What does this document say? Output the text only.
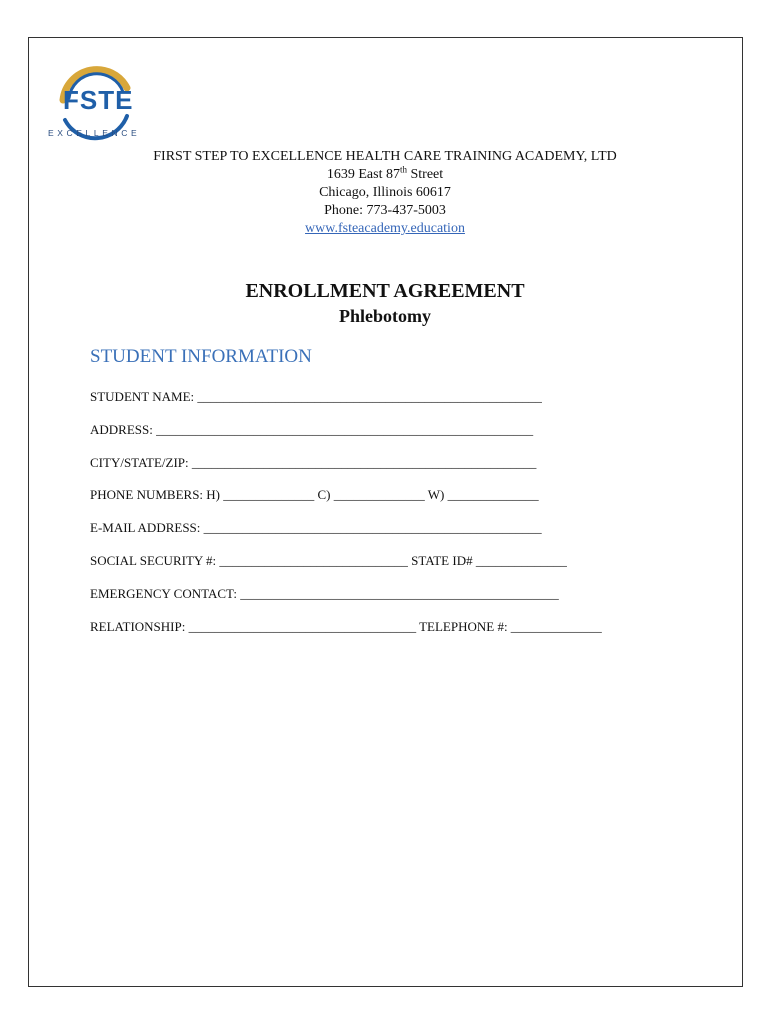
FSTE
EXCELLENCE
FIRST STEP TO EXCELLENCE HEALTH CARE TRAINING ACADEMY, LTD
1639 East 87th Street
Chicago, Illinois 60617
Phone: 773-437-5003
www.fsteacademy.education
ENROLLMENT AGREEMENT
Phlebotomy
STUDENT INFORMATION
STUDENT NAME: _____________________________________________________
ADDRESS: __________________________________________________________
CITY/STATE/ZIP: _____________________________________________________
PHONE NUMBERS: H) ______________ C) ______________ W) ______________
E-MAIL ADDRESS: ____________________________________________________
SOCIAL SECURITY #: _____________________________ STATE ID# ______________
EMERGENCY CONTACT: _________________________________________________
RELATIONSHIP: ___________________________________ TELEPHONE #: ______________
